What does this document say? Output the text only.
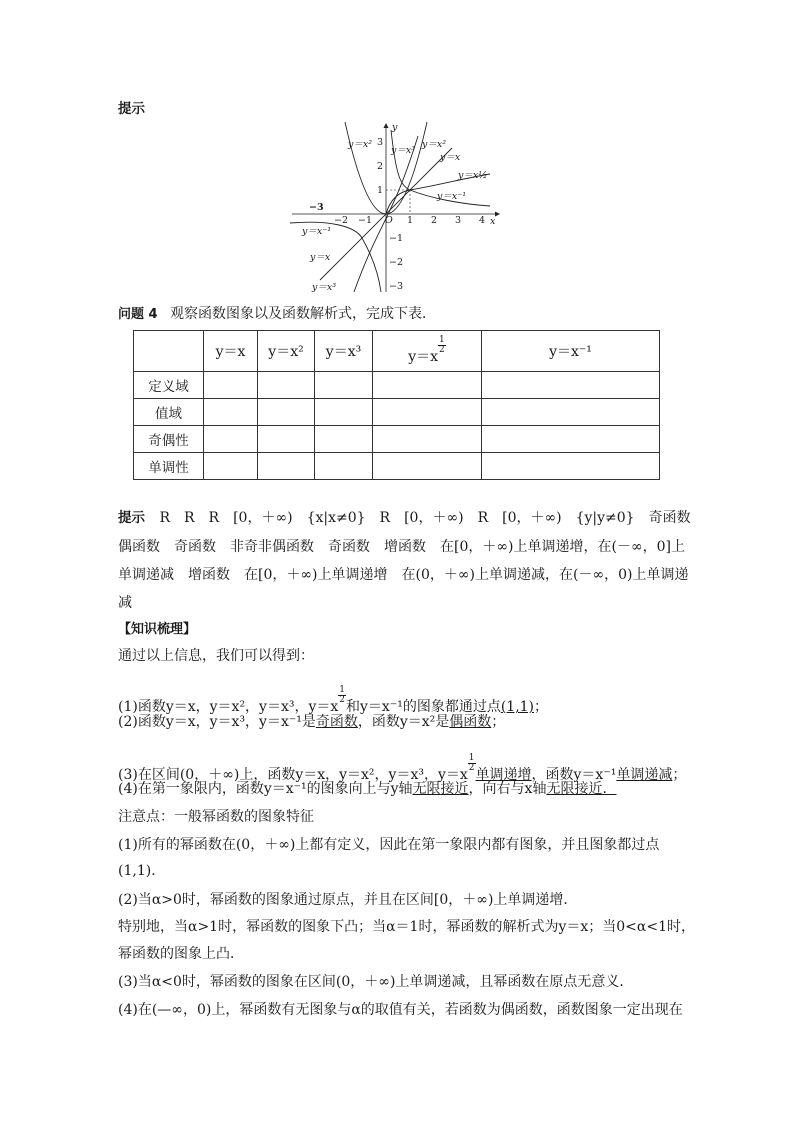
提示
y
x
O
−3
−2 −1	1 2 3 4
3
2
1
−1
−2
−3
y＝x²
y＝x³
y＝x²
y＝x
y＝x½
y＝x⁻¹
y＝x⁻¹
y＝x
y＝x³
问题 4 观察函数图象以及函数解析式，完成下表．
	y＝x	y＝x²	y＝x³	y＝x
$\frac{1}{2}$	y＝x⁻¹
定义域					
值域					
奇偶性					
单调性					
提示 R　R　R　[0，＋∞)　{x|x≠0}　R　[0，＋∞)　R　[0，＋∞)　{y|y≠0}　奇函数
偶函数　奇函数　非奇非偶函数　奇函数　增函数　在[0，＋∞)上单调递增，在(－∞，0]上
单调递减　增函数　在[0，＋∞)上单调递增　在(0，＋∞)上单调递减，在(－∞，0)上单调递
减
【知识梳理】
通过以上信息，我们可以得到：
(1)函数y＝x，y＝x²，y＝x³，y＝x
$\frac{1}{2}$
和y＝x⁻¹的图象都通过点(1,1)；
(2)函数y＝x，y＝x³，y＝x⁻¹是奇函数，函数y＝x²是偶函数；
(3)在区间(0，＋∞)上，函数y＝x，y＝x²，y＝x³，y＝x
$\frac{1}{2}$
单调递增，函数y＝x⁻¹单调递减；
(4)在第一象限内，函数y＝x⁻¹的图象向上与y轴无限接近，向右与x轴无限接近．
注意点：一般幂函数的图象特征
(1)所有的幂函数在(0，＋∞)上都有定义，因此在第一象限内都有图象，并且图象都过点
(1,1)．
(2)当α>0时，幂函数的图象通过原点，并且在区间[0，＋∞)上单调递增．
特别地，当α>1时，幂函数的图象下凸；当α＝1时，幂函数的解析式为y＝x；当0<α<1时，
幂函数的图象上凸．
(3)当α<0时，幂函数的图象在区间(0，＋∞)上单调递减，且幂函数在原点无意义．
(4)在(—∞，0)上，幂函数有无图象与α的取值有关，若函数为偶函数，函数图象一定出现在
